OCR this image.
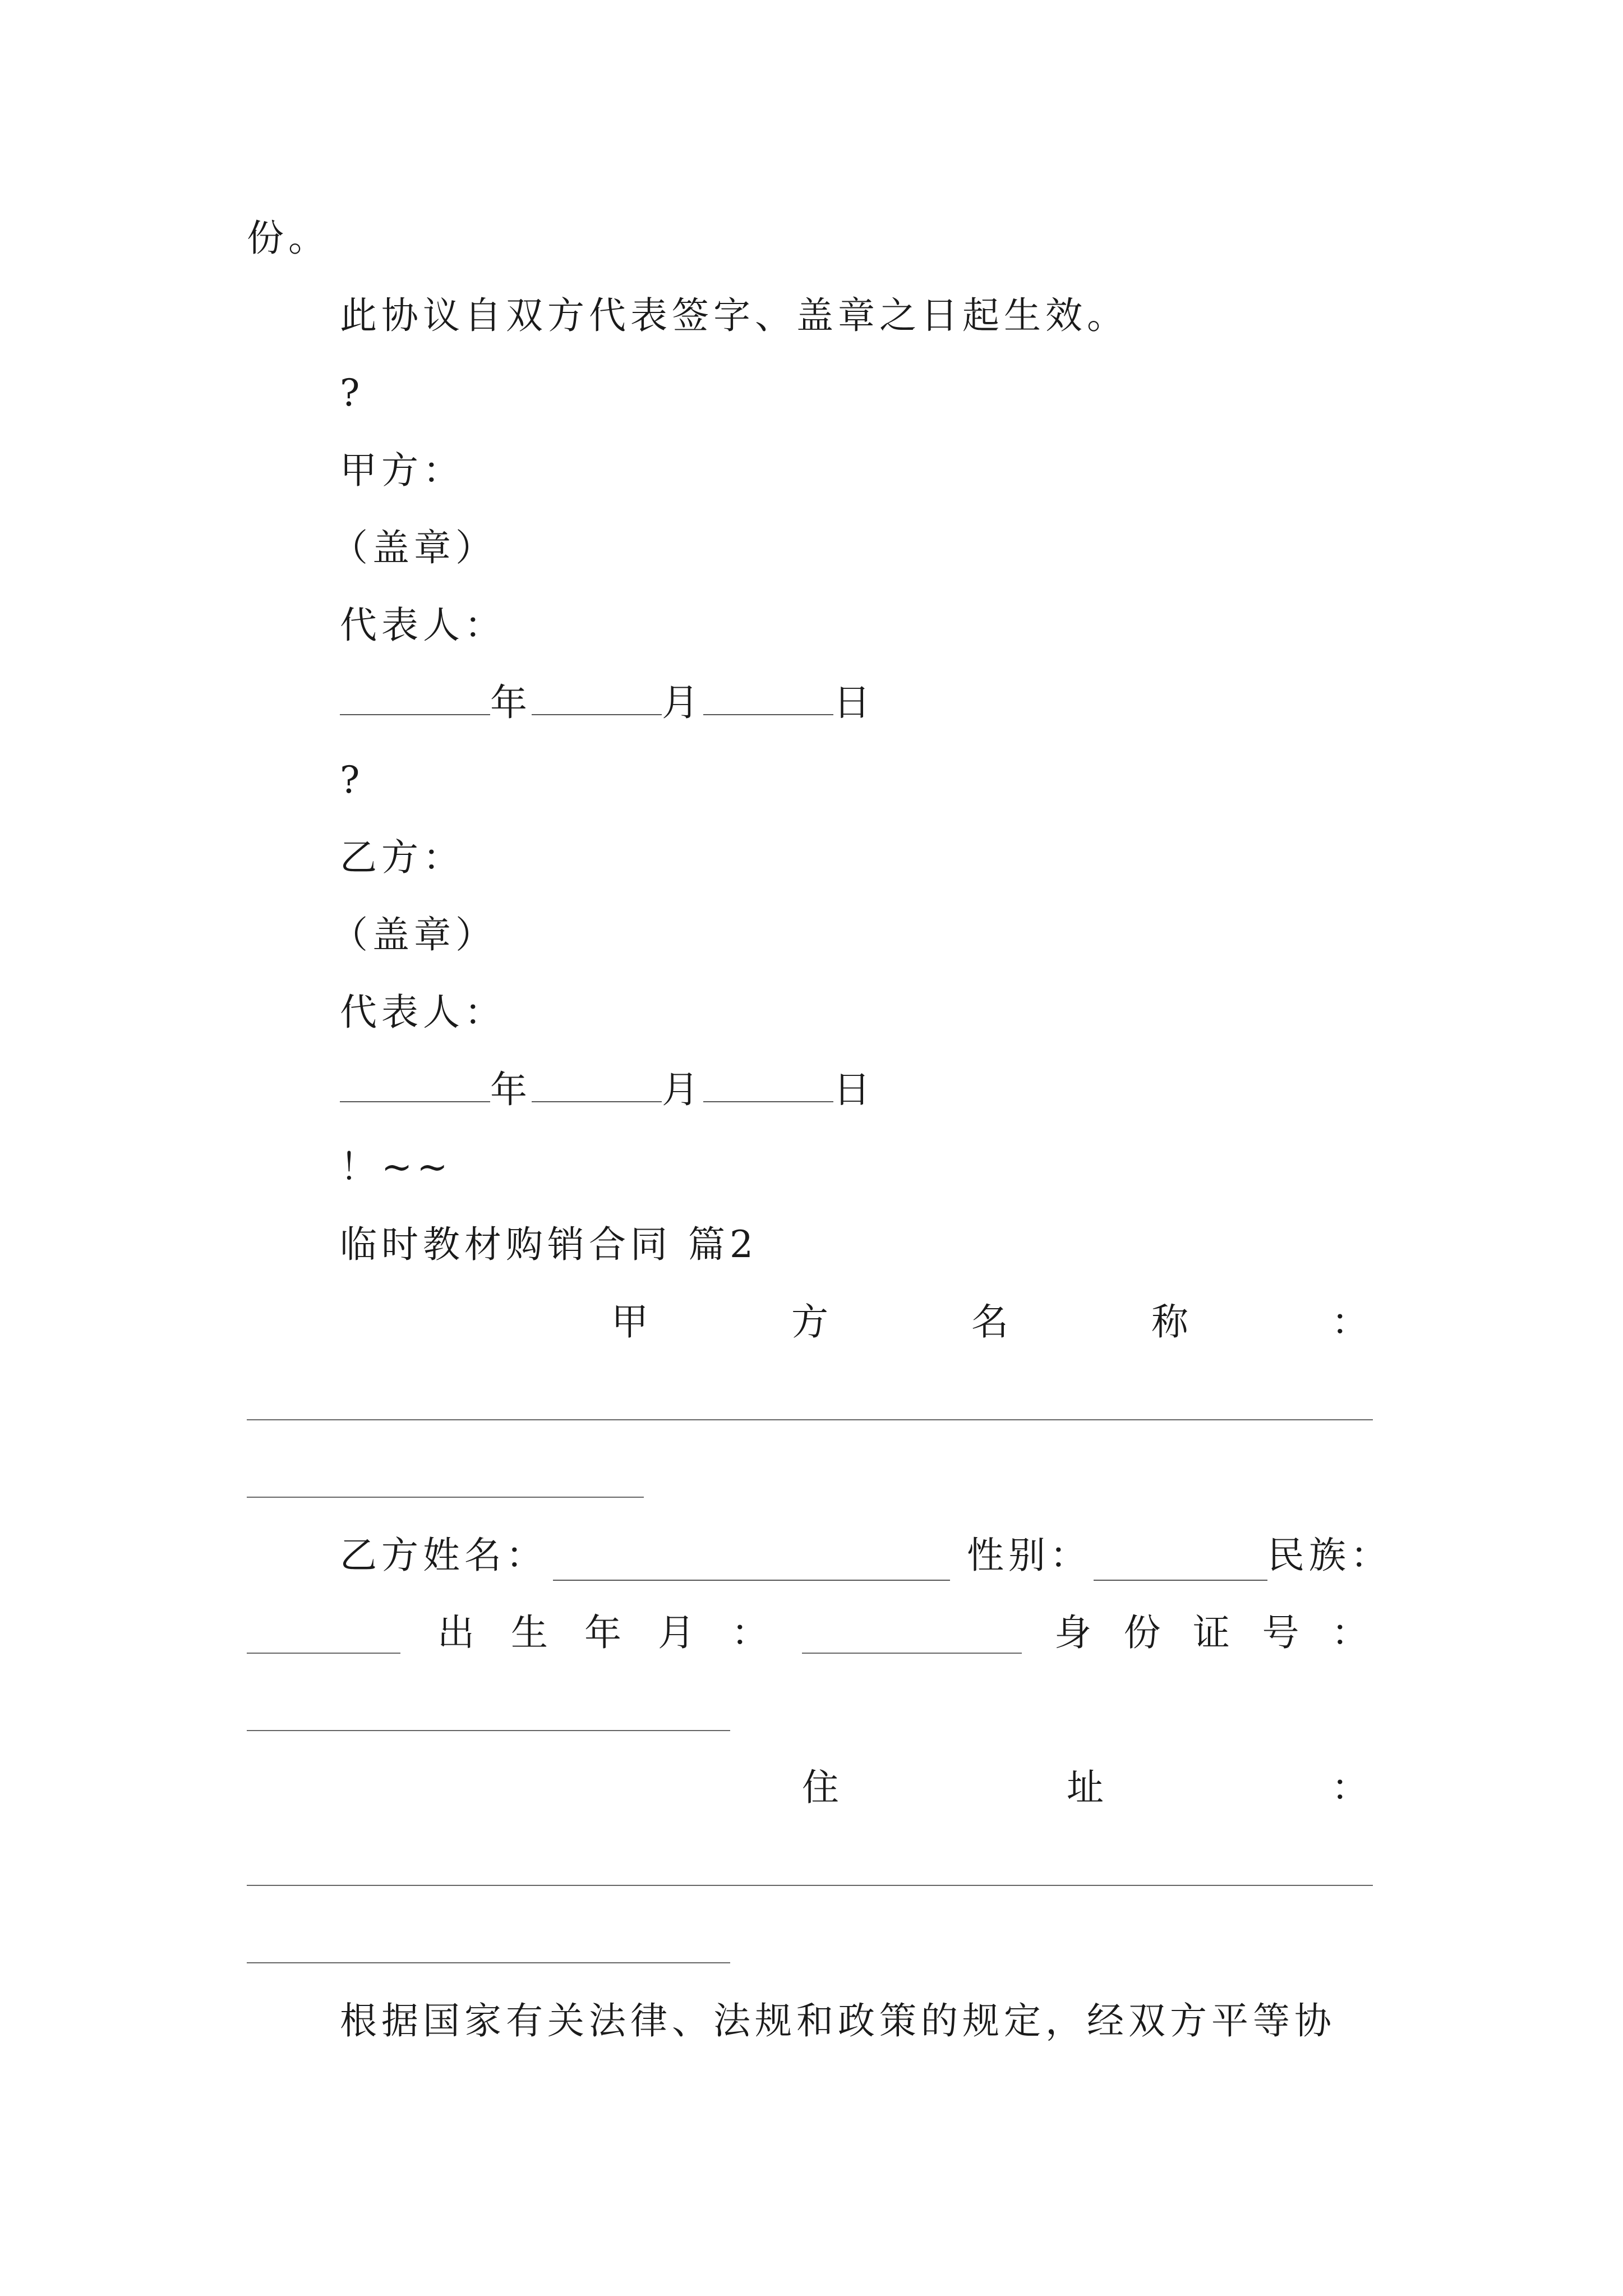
份。
此协议自双方代表签字、盖章之日起生效。
?
甲方：
（盖章）
代表人：
年	月	日
?
乙方：
（盖章）
代表人：
年	月	日
！~~
临时教材购销合同 篇2
甲	方	名	称	：
乙方姓名：	性别：	民族：
出 生 年 月 ：	身 份 证 号 ：
住	址	：
根据国家有关法律、法规和政策的规定，经双方平等协
